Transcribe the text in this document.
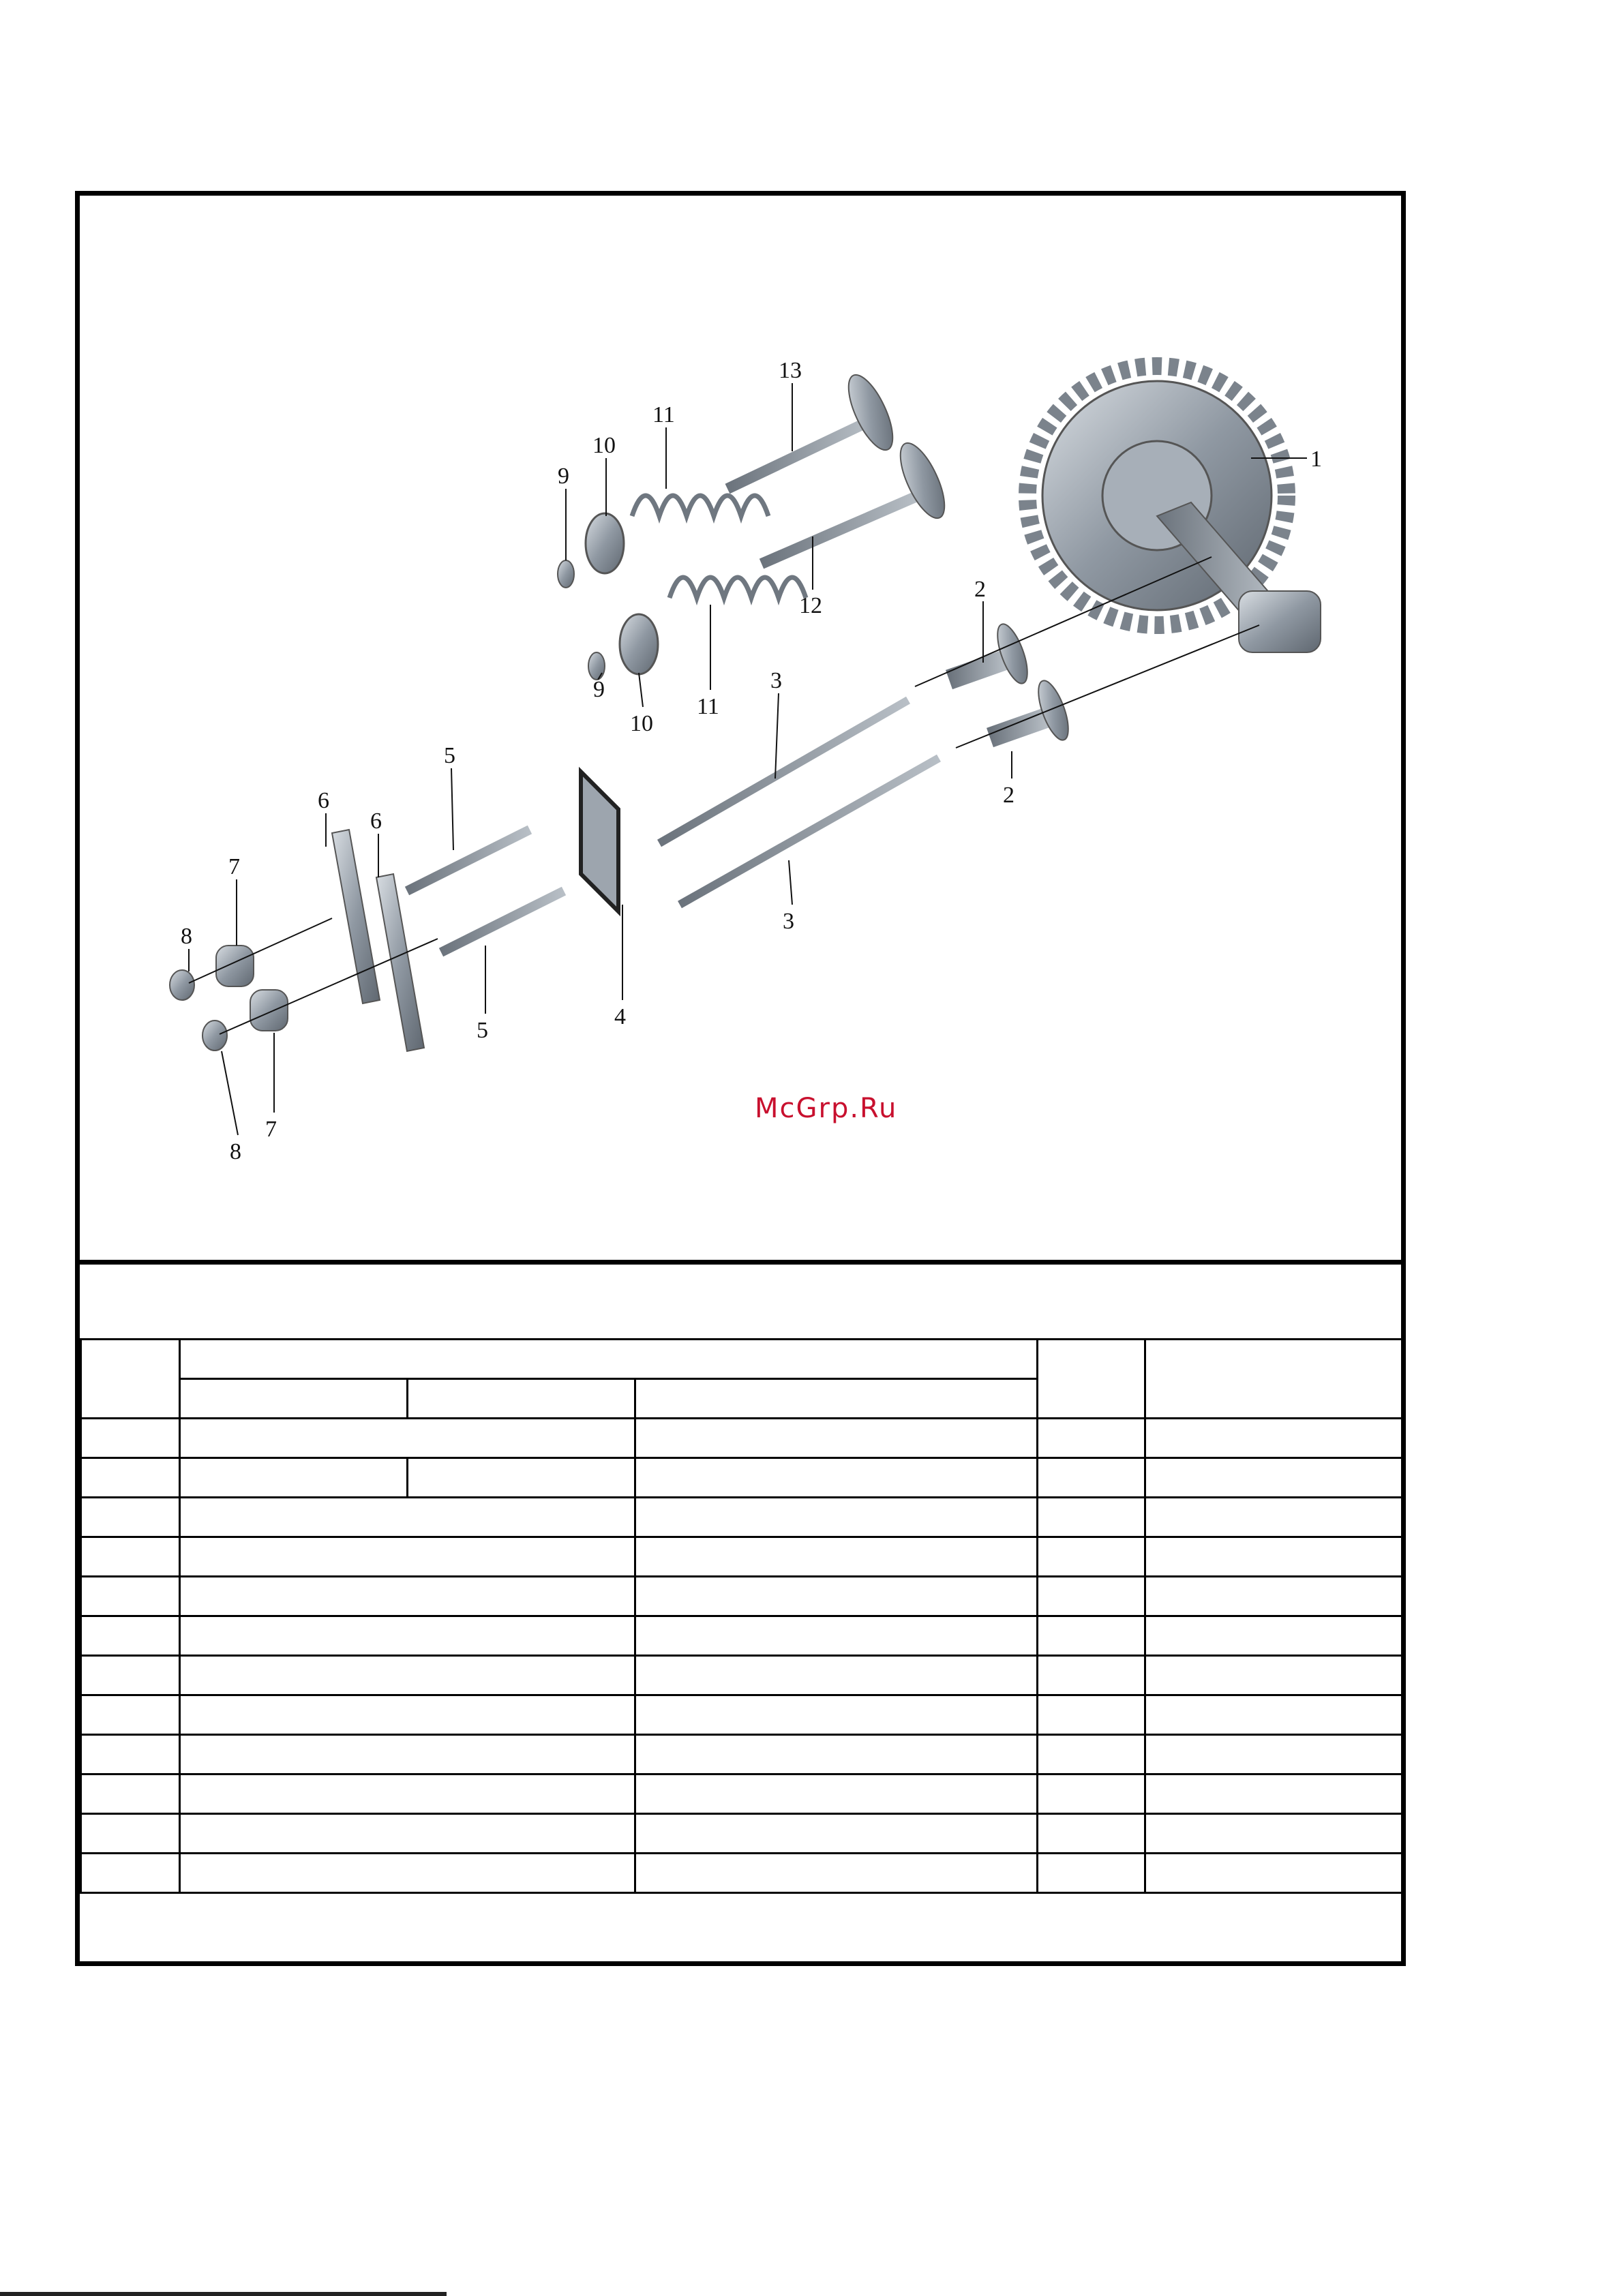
1
2
2
3
3
4
5
5
6
6
7
7
8
8
9
9
10
10
11
11
12
13
McGrp.Ru
